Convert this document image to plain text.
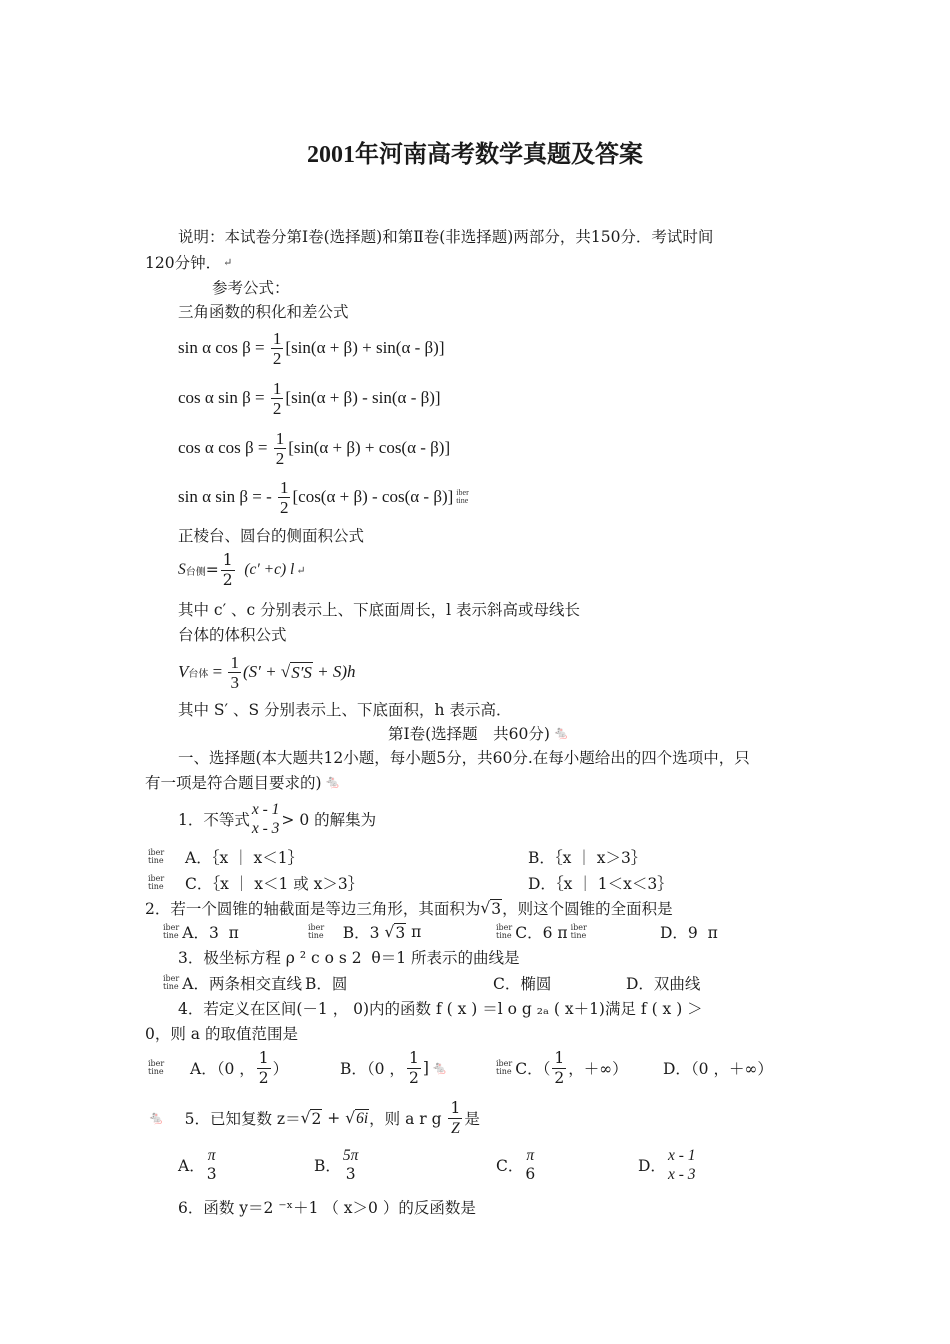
2001年河南高考数学真题及答案
说明：本试卷分第Ⅰ卷(选择题)和第Ⅱ卷(非选择题)两部分，共150分．考试时间
120分钟． ↵
参考公式：
三角函数的积化和差公式
sin α $\cos \beta = \frac{1}{2} [\sin(\alpha + \beta) + \sin(\alpha - \beta)]$
cos α $\sin \beta = \frac{1}{2} [\sin(\alpha + \beta) - \sin(\alpha - \beta)]$
cos α $\cos \beta = \frac{1}{2} [\sin(\alpha + \beta) + \cos(\alpha - \beta)]$
sin α sin β = - $\frac{1}{2} [\cos(\alpha + \beta) - \cos(\alpha - \beta)]$ iber
tine
正棱台、圆台的侧面积公式
S 台侧 = $\frac{1}{2} (c' +c)$ l ↵
其中 c′ 、c 分别表示上、下底面周长，l 表示斜高或母线长
台体的体积公式
V 台体 = $\frac{1}{3} (S'$ + √ S′S + S)h
其中 S′ 、S 分别表示上、下底面积，h 表示高．
第Ⅰ卷(选择题　共60分) 🐁
一、选择题(本大题共12小题，每小题5分，共60分.在每小题给出的四个选项中，只
有一项是符合题目要求的) 🐁
1．不等式
x - 1
x - 3 > 0 的解集为
iber
tine A．｛x ｜ x＜1｝	B．｛x ｜ x＞3｝
iber
tine C．｛x ｜ x＜1 或 x＞3｝	D．｛x ｜ 1＜x＜3｝
2．若一个圆锥的轴截面是等边三角形，其面积为 √ 3 ，则这个圆锥的全面积是
iber
tine A．3  π	iber
tine
　 B．3 √ 3 π	iber
tine C．6 π iber
tine	D．9  π
3．极坐标方程 ρ ² c o s 2  θ＝1 所表示的曲线是
iber
tine A．两条相交直线 B．圆	C．椭圆	D．双曲线
4．若定义在区间(－1 ， 0)内的函数 f ( x ) ＝l o g ₂ₐ ( x＋1)满足 f ( x ) ＞
0，则 a 的取值范围是
iber
tine A．（0 ， $\frac{1}{2}$ ）	B．（0 ， $\frac{1}{2}$ ] 🐁	iber
tine C．（ $\frac{1}{2}$ ，＋∞） D．（0 ，＋∞）
🐁
　 5．已知复数 z＝ √ 2 + √ 6i ，则 a r g $\frac{1}{Z}$ 是
A．
π
3	B．
5π
3	C．
π
6	D．
x - 1
x - 3
6．函数 y＝2 ⁻ˣ＋1 （ x＞0 ）的反函数是
